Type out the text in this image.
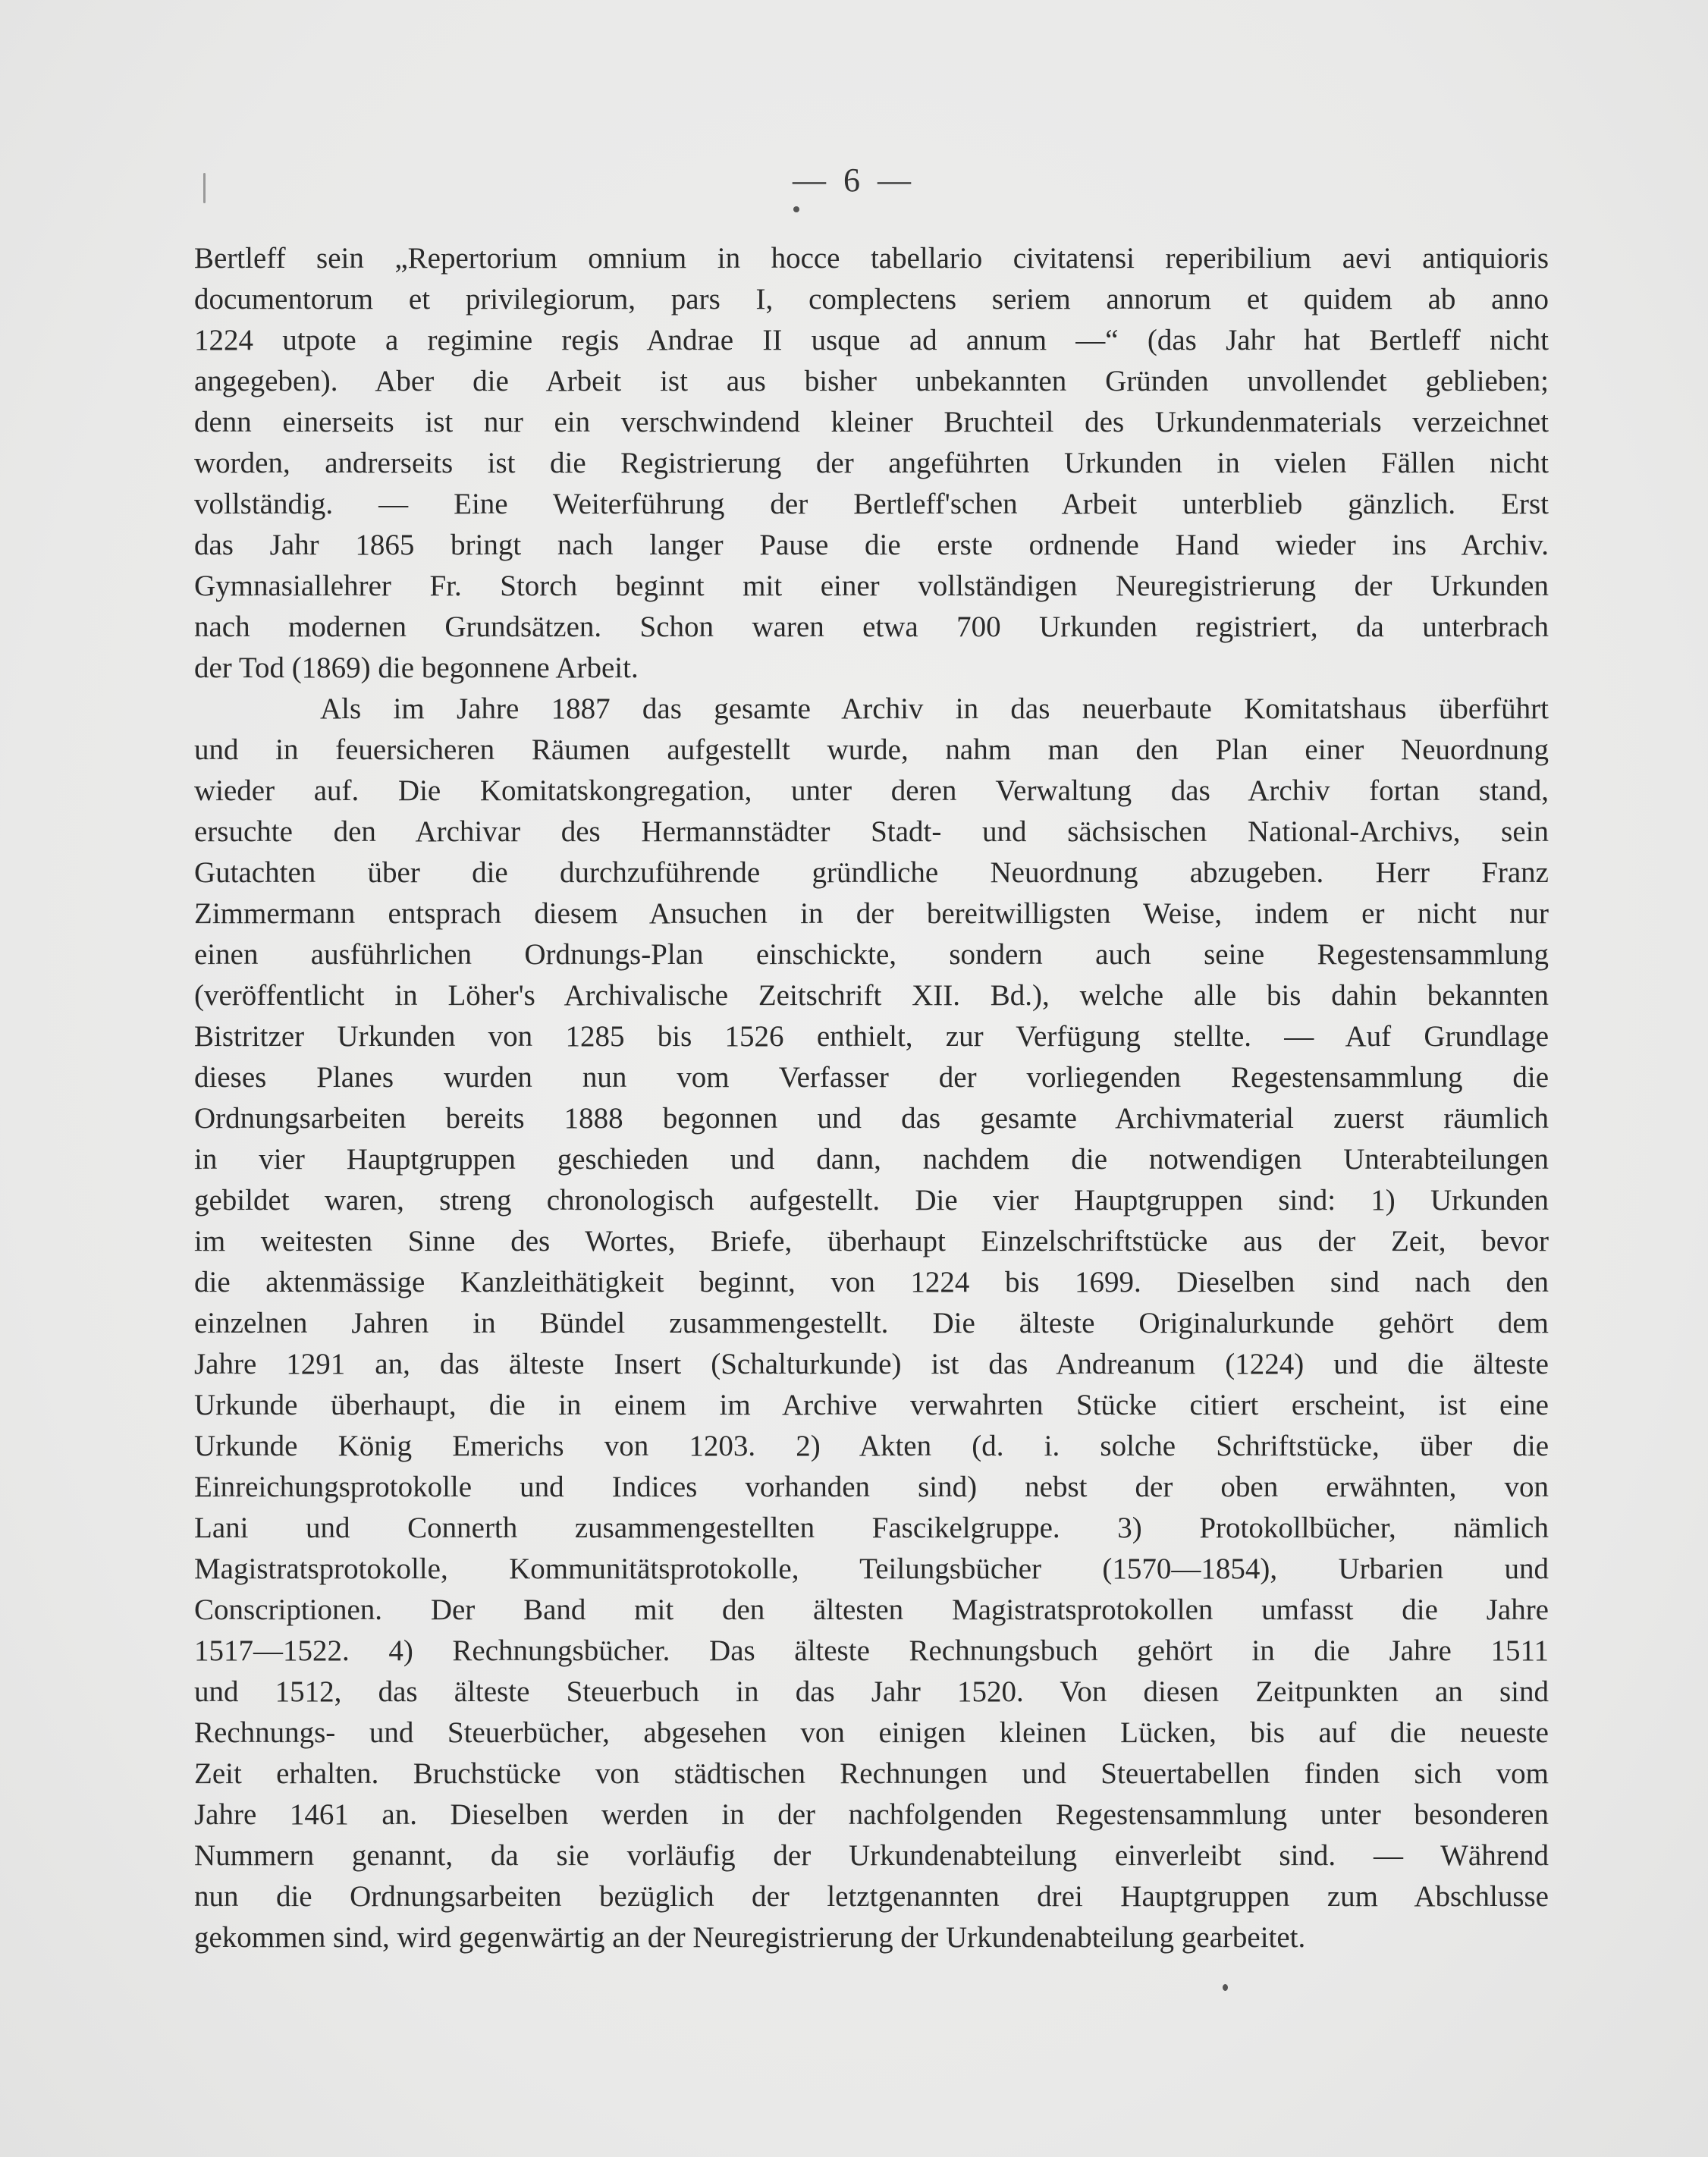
— 6 —
Bertleff sein „Repertorium omnium in hocce tabellario civitatensi reperibilium aevi antiquioris
documentorum et privilegiorum, pars I, complectens seriem annorum et quidem ab anno
1224 utpote a regimine regis Andrae II usque ad annum —“ (das Jahr hat Bertleff nicht
angegeben). Aber die Arbeit ist aus bisher unbekannten Gründen unvollendet geblieben;
denn einerseits ist nur ein verschwindend kleiner Bruchteil des Urkundenmaterials verzeichnet
worden, andrerseits ist die Registrierung der angeführten Urkunden in vielen Fällen nicht
vollständig. — Eine Weiterführung der Bertleff'schen Arbeit unterblieb gänzlich. Erst
das Jahr 1865 bringt nach langer Pause die erste ordnende Hand wieder ins Archiv.
Gymnasiallehrer Fr. Storch beginnt mit einer vollständigen Neuregistrierung der Urkunden
nach modernen Grundsätzen. Schon waren etwa 700 Urkunden registriert, da unterbrach
der Tod (1869) die begonnene Arbeit.
Als im Jahre 1887 das gesamte Archiv in das neuerbaute Komitatshaus überführt
und in feuersicheren Räumen aufgestellt wurde, nahm man den Plan einer Neuordnung
wieder auf. Die Komitatskongregation, unter deren Verwaltung das Archiv fortan stand,
ersuchte den Archivar des Hermannstädter Stadt- und sächsischen National-Archivs, sein
Gutachten über die durchzuführende gründliche Neuordnung abzugeben. Herr Franz
Zimmermann entsprach diesem Ansuchen in der bereitwilligsten Weise, indem er nicht nur
einen ausführlichen Ordnungs-Plan einschickte, sondern auch seine Regestensammlung
(veröffentlicht in Löher's Archivalische Zeitschrift XII. Bd.), welche alle bis dahin bekannten
Bistritzer Urkunden von 1285 bis 1526 enthielt, zur Verfügung stellte. — Auf Grundlage
dieses Planes wurden nun vom Verfasser der vorliegenden Regestensammlung die
Ordnungsarbeiten bereits 1888 begonnen und das gesamte Archivmaterial zuerst räumlich
in vier Hauptgruppen geschieden und dann, nachdem die notwendigen Unterabteilungen
gebildet waren, streng chronologisch aufgestellt. Die vier Hauptgruppen sind: 1) Urkunden
im weitesten Sinne des Wortes, Briefe, überhaupt Einzelschriftstücke aus der Zeit, bevor
die aktenmässige Kanzleithätigkeit beginnt, von 1224 bis 1699. Dieselben sind nach den
einzelnen Jahren in Bündel zusammengestellt. Die älteste Originalurkunde gehört dem
Jahre 1291 an, das älteste Insert (Schalturkunde) ist das Andreanum (1224) und die älteste
Urkunde überhaupt, die in einem im Archive verwahrten Stücke citiert erscheint, ist eine
Urkunde König Emerichs von 1203. 2) Akten (d. i. solche Schriftstücke, über die
Einreichungsprotokolle und Indices vorhanden sind) nebst der oben erwähnten, von
Lani und Connerth zusammengestellten Fascikelgruppe. 3) Protokollbücher, nämlich
Magistratsprotokolle, Kommunitätsprotokolle, Teilungsbücher (1570—1854), Urbarien und
Conscriptionen. Der Band mit den ältesten Magistratsprotokollen umfasst die Jahre
1517—1522. 4) Rechnungsbücher. Das älteste Rechnungsbuch gehört in die Jahre 1511
und 1512, das älteste Steuerbuch in das Jahr 1520. Von diesen Zeitpunkten an sind
Rechnungs- und Steuerbücher, abgesehen von einigen kleinen Lücken, bis auf die neueste
Zeit erhalten. Bruchstücke von städtischen Rechnungen und Steuertabellen finden sich vom
Jahre 1461 an. Dieselben werden in der nachfolgenden Regestensammlung unter besonderen
Nummern genannt, da sie vorläufig der Urkundenabteilung einverleibt sind. — Während
nun die Ordnungsarbeiten bezüglich der letztgenannten drei Hauptgruppen zum Abschlusse
gekommen sind, wird gegenwärtig an der Neuregistrierung der Urkundenabteilung gearbeitet.
